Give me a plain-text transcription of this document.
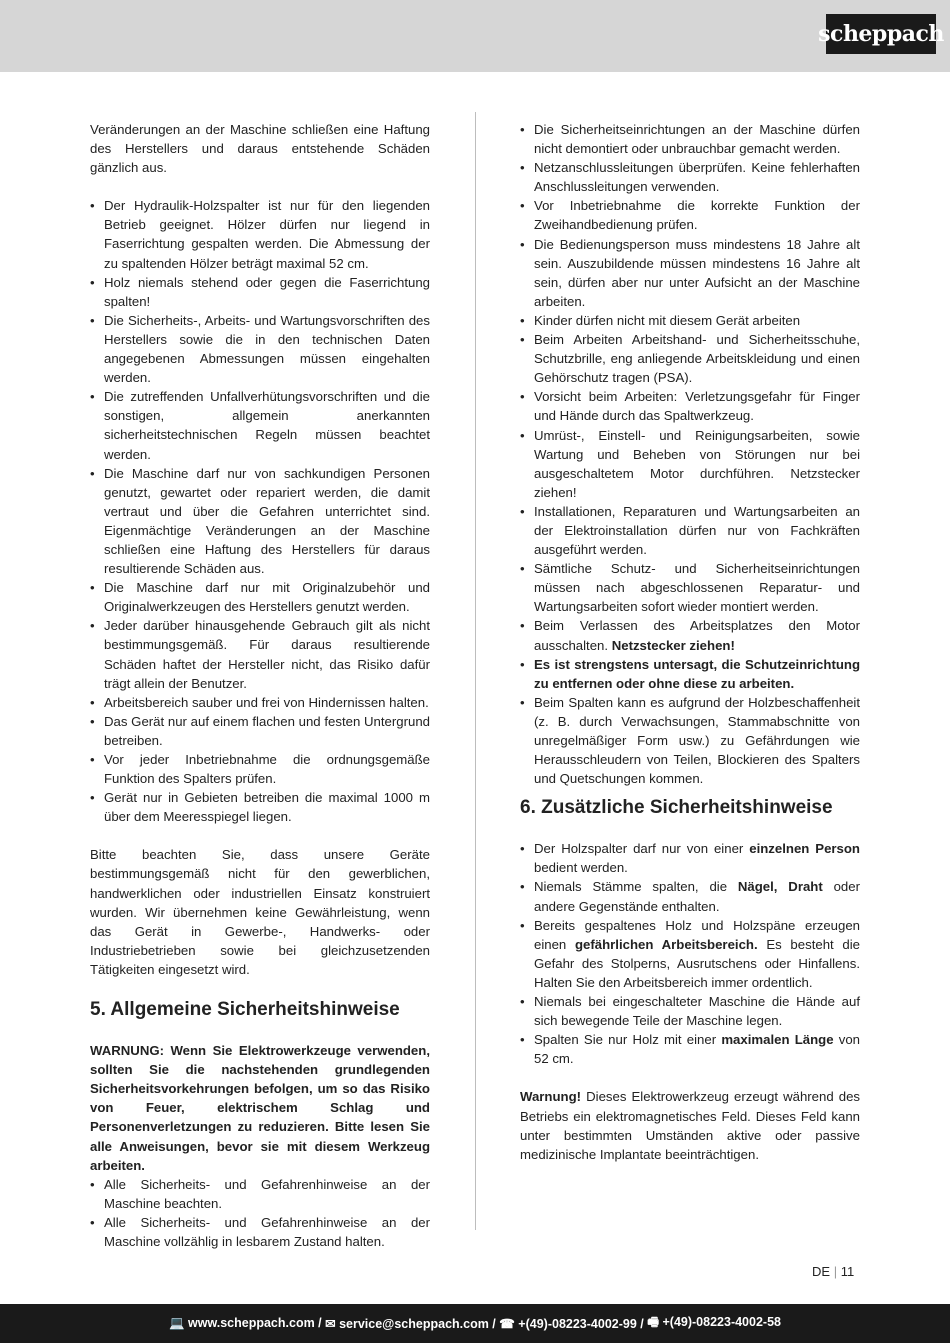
scheppach

Veränderungen an der Maschine schließen eine Haftung des Herstellers und daraus entstehende Schäden gänzlich aus.

• Der Hydraulik-Holzspalter ist nur für den liegenden Betrieb geeignet. Hölzer dürfen nur liegend in Faserrichtung gespalten werden. Die Abmessung der zu spaltenden Hölzer beträgt maximal 52 cm.
• Holz niemals stehend oder gegen die Faserrichtung spalten!
• Die Sicherheits-, Arbeits- und Wartungsvorschriften des Herstellers sowie die in den technischen Daten angegebenen Abmessungen müssen eingehalten werden.
• Die zutreffenden Unfallverhütungsvorschriften und die sonstigen, allgemein anerkannten sicherheitstechnischen Regeln müssen beachtet werden.
• Die Maschine darf nur von sachkundigen Personen genutzt, gewartet oder repariert werden, die damit vertraut und über die Gefahren unterrichtet sind. Eigenmächtige Veränderungen an der Maschine schließen eine Haftung des Herstellers für daraus resultierende Schäden aus.
• Die Maschine darf nur mit Originalzubehör und Originalwerkzeugen des Herstellers genutzt werden.
• Jeder darüber hinausgehende Gebrauch gilt als nicht bestimmungsgemäß. Für daraus resultierende Schäden haftet der Hersteller nicht, das Risiko dafür trägt allein der Benutzer.
• Arbeitsbereich sauber und frei von Hindernissen halten.
• Das Gerät nur auf einem flachen und festen Untergrund betreiben.
• Vor jeder Inbetriebnahme die ordnungsgemäße Funktion des Spalters prüfen.
• Gerät nur in Gebieten betreiben die maximal 1000 m über dem Meeresspiegel liegen.

Bitte beachten Sie, dass unsere Geräte bestimmungsgemäß nicht für den gewerblichen, handwerklichen oder industriellen Einsatz konstruiert wurden. Wir übernehmen keine Gewährleistung, wenn das Gerät in Gewerbe-, Handwerks- oder Industriebetrieben sowie bei gleichzusetzenden Tätigkeiten eingesetzt wird.

5. Allgemeine Sicherheitshinweise

WARNUNG: Wenn Sie Elektrowerkzeuge verwenden, sollten Sie die nachstehenden grundlegenden Sicherheitsvorkehrungen befolgen, um so das Risiko von Feuer, elektrischem Schlag und Personenverletzungen zu reduzieren. Bitte lesen Sie alle Anweisungen, bevor sie mit diesem Werkzeug arbeiten.

• Alle Sicherheits- und Gefahrenhinweise an der Maschine beachten.
• Alle Sicherheits- und Gefahrenhinweise an der Maschine vollzählig in lesbarem Zustand halten.
• Die Sicherheitseinrichtungen an der Maschine dürfen nicht demontiert oder unbrauchbar gemacht werden.
• Netzanschlussleitungen überprüfen. Keine fehlerhaften Anschlussleitungen verwenden.
• Vor Inbetriebnahme die korrekte Funktion der Zweihandbedienung prüfen.
• Die Bedienungsperson muss mindestens 18 Jahre alt sein. Auszubildende müssen mindestens 16 Jahre alt sein, dürfen aber nur unter Aufsicht an der Maschine arbeiten.
• Kinder dürfen nicht mit diesem Gerät arbeiten
• Beim Arbeiten Arbeitshand- und Sicherheitsschuhe, Schutzbrille, eng anliegende Arbeitskleidung und einen Gehörschutz tragen (PSA).
• Vorsicht beim Arbeiten: Verletzungsgefahr für Finger und Hände durch das Spaltwerkzeug.
• Umrüst-, Einstell- und Reinigungsarbeiten, sowie Wartung und Beheben von Störungen nur bei ausgeschaltetem Motor durchführen. Netzstecker ziehen!
• Installationen, Reparaturen und Wartungsarbeiten an der Elektroinstallation dürfen nur von Fachkräften ausgeführt werden.
• Sämtliche Schutz- und Sicherheitseinrichtungen müssen nach abgeschlossenen Reparatur- und Wartungsarbeiten sofort wieder montiert werden.
• Beim Verlassen des Arbeitsplatzes den Motor ausschalten. Netzstecker ziehen!
• Es ist strengstens untersagt, die Schutzeinrichtung zu entfernen oder ohne diese zu arbeiten.
• Beim Spalten kann es aufgrund der Holzbeschaffenheit (z. B. durch Verwachsungen, Stammabschnitte von unregelmäßiger Form usw.) zu Gefährdungen wie Herausschleudern von Teilen, Blockieren des Spalters und Quetschungen kommen.
6. Zusätzliche Sicherheitshinweise
• Der Holzspalter darf nur von einer einzelnen Person bedient werden.
• Niemals Stämme spalten, die Nägel, Draht oder andere Gegenstände enthalten.
• Bereits gespaltenes Holz und Holzspäne erzeugen einen gefährlichen Arbeitsbereich. Es besteht die Gefahr des Stolperns, Ausrutschens oder Hinfallens. Halten Sie den Arbeitsbereich immer ordentlich.
• Niemals bei eingeschalteter Maschine die Hände auf sich bewegende Teile der Maschine legen.
• Spalten Sie nur Holz mit einer maximalen Länge von 52 cm.

Warnung! Dieses Elektrowerkzeug erzeugt während des Betriebs ein elektromagnetisches Feld. Dieses Feld kann unter bestimmten Umständen aktive oder passive medizinische Implantate beeinträchtigen.

DE | 11
💻 www.scheppach.com / ✉ service@scheppach.com / ☎ +(49)-08223-4002-99 / 🖷 +(49)-08223-4002-58
